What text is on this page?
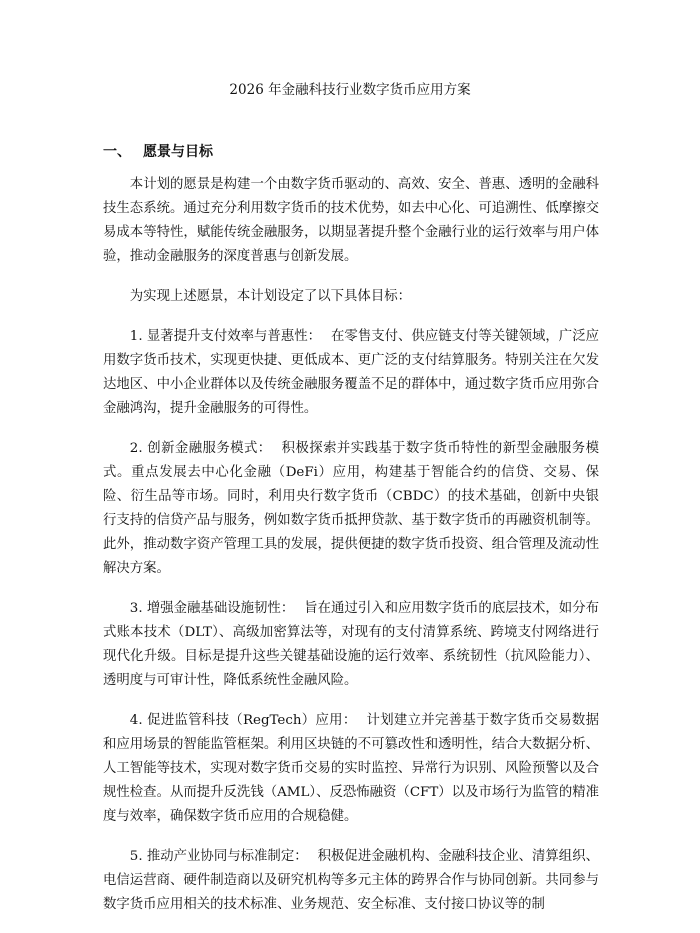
2026 年金融科技行业数字货币应用方案
一、 愿景与目标

本计划的愿景是构建一个由数字货币驱动的、高效、安全、普惠、透明的金融科技生态系统。通过充分利用数字货币的技术优势，如去中心化、可追溯性、低摩擦交易成本等特性，赋能传统金融服务，以期显著提升整个金融行业的运行效率与用户体验，推动金融服务的深度普惠与创新发展。

为实现上述愿景，本计划设定了以下具体目标：

1. 显著提升支付效率与普惠性： 在零售支付、供应链支付等关键领域，广泛应用数字货币技术，实现更快捷、更低成本、更广泛的支付结算服务。特别关注在欠发达地区、中小企业群体以及传统金融服务覆盖不足的群体中，通过数字货币应用弥合金融鸿沟，提升金融服务的可得性。

2. 创新金融服务模式： 积极探索并实践基于数字货币特性的新型金融服务模式。重点发展去中心化金融（DeFi）应用，构建基于智能合约的信贷、交易、保险、衍生品等市场。同时，利用央行数字货币（CBDC）的技术基础，创新中央银行支持的信贷产品与服务，例如数字货币抵押贷款、基于数字货币的再融资机制等。此外，推动数字资产管理工具的发展，提供便捷的数字货币投资、组合管理及流动性解决方案。

3. 增强金融基础设施韧性： 旨在通过引入和应用数字货币的底层技术，如分布式账本技术（DLT）、高级加密算法等，对现有的支付清算系统、跨境支付网络进行现代化升级。目标是提升这些关键基础设施的运行效率、系统韧性（抗风险能力）、透明度与可审计性，降低系统性金融风险。

4. 促进监管科技（RegTech）应用： 计划建立并完善基于数字货币交易数据和应用场景的智能监管框架。利用区块链的不可篡改性和透明性，结合大数据分析、人工智能等技术，实现对数字货币交易的实时监控、异常行为识别、风险预警以及合规性检查。从而提升反洗钱（AML）、反恐怖融资（CFT）以及市场行为监管的精准度与效率，确保数字货币应用的合规稳健。

5. 推动产业协同与标准制定： 积极促进金融机构、金融科技企业、清算组织、电信运营商、硬件制造商以及研究机构等多元主体的跨界合作与协同创新。共同参与数字货币应用相关的技术标准、业务规范、安全标准、支付接口协议等的制
